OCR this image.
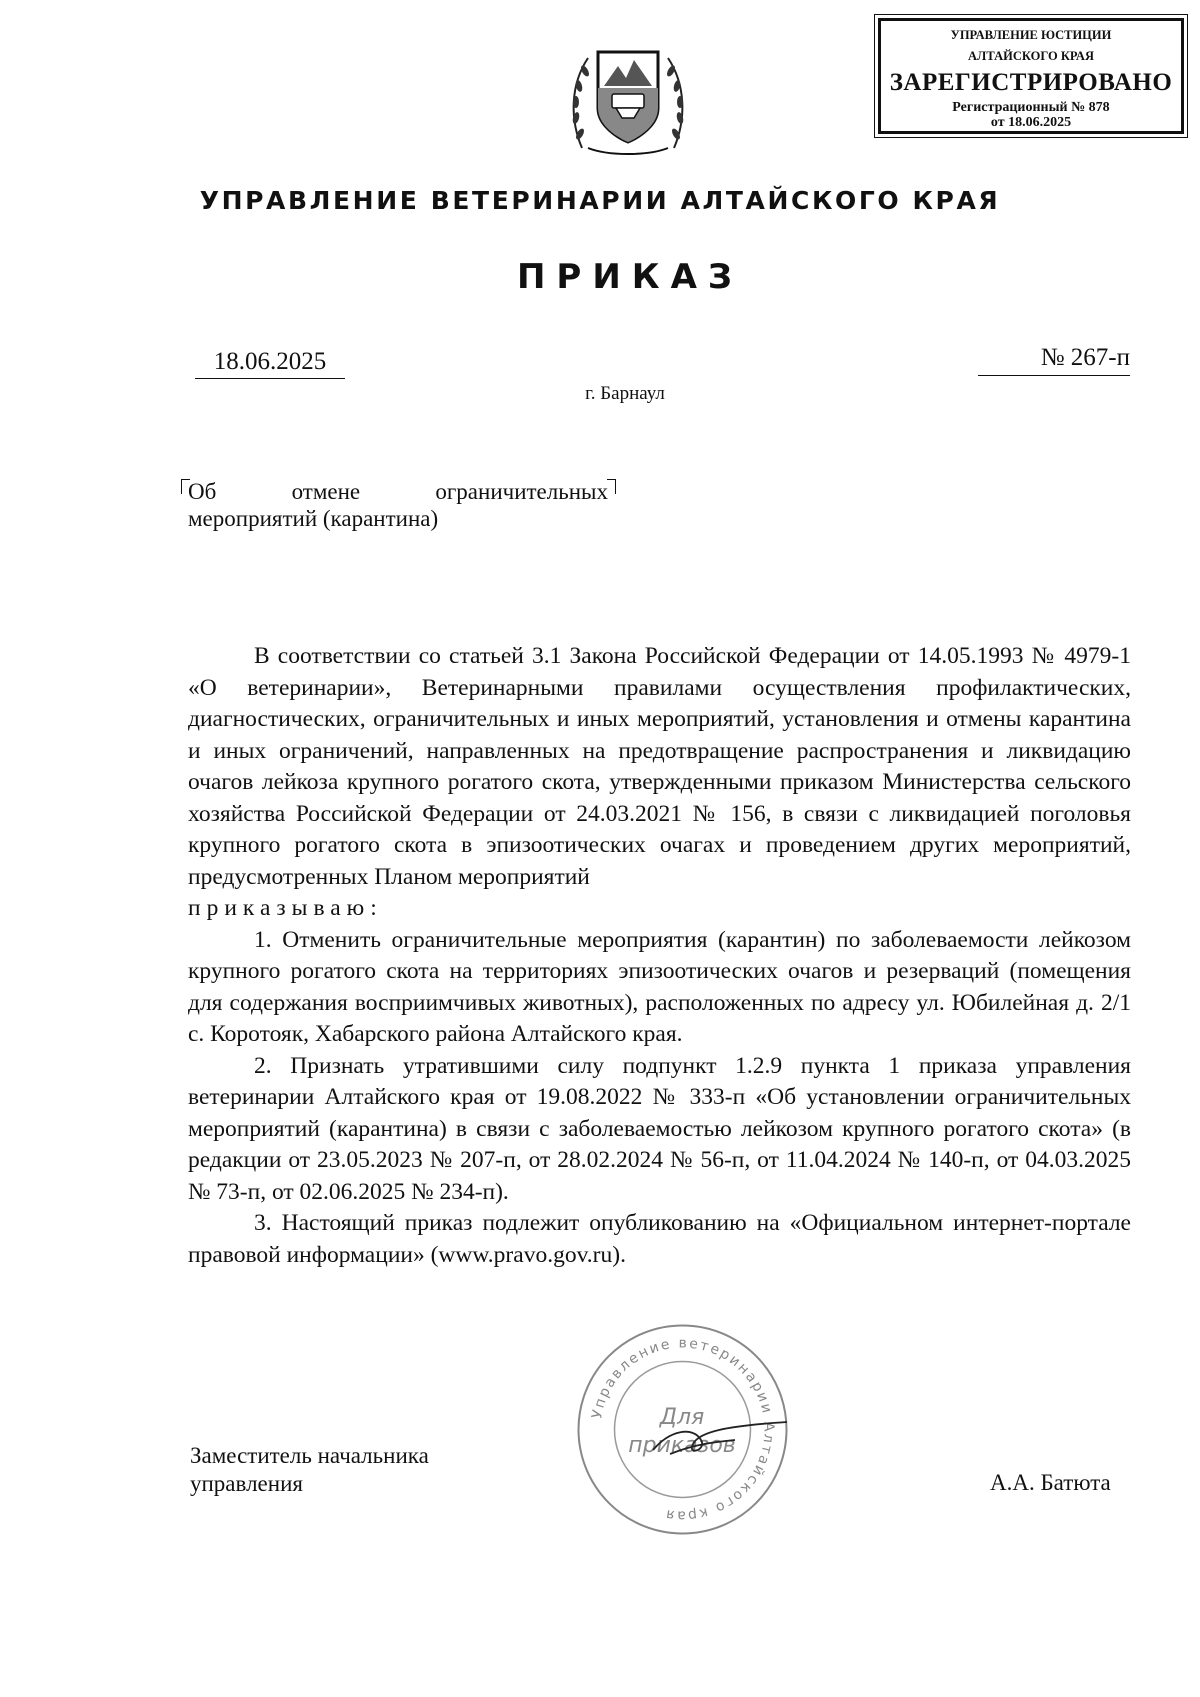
УПРАВЛЕНИЕ ЮСТИЦИИ
АЛТАЙСКОГО КРАЯ
ЗАРЕГИСТРИРОВАНО
Регистрационный № 878
от 18.06.2025
УПРАВЛЕНИЕ ВЕТЕРИНАРИИ АЛТАЙСКОГО КРАЯ
ПРИКАЗ
18.06.2025	№ 267-п
г. Барнаул
Об	отмене	ограничительных
мероприятий (карантина)

В соответствии со статьей 3.1 Закона Российской Федерации от 14.05.1993 № 4979-1 «О ветеринарии», Ветеринарными правилами осуществления профилактических, диагностических, ограничительных и иных мероприятий, установления и отмены карантина и иных ограничений, направленных на предотвращение распространения и ликвидацию очагов лейкоза крупного рогатого скота, утвержденными приказом Министерства сельского хозяйства Российской Федерации от 24.03.2021 № 156, в связи с ликвидацией поголовья крупного рогатого скота в эпизоотических очагах и проведением других мероприятий, предусмотренных Планом мероприятий

приказываю:

1. Отменить ограничительные мероприятия (карантин) по заболеваемости лейкозом крупного рогатого скота на территориях эпизоотических очагов и резерваций (помещения для содержания восприимчивых животных), расположенных по адресу ул. Юбилейная д. 2/1 с. Коротояк, Хабарского района Алтайского края.

2. Признать утратившими силу подпункт 1.2.9 пункта 1 приказа управления ветеринарии Алтайского края от 19.08.2022 № 333-п «Об установлении ограничительных мероприятий (карантина) в связи с заболеваемостью лейкозом крупного рогатого скота» (в редакции от 23.05.2023 № 207-п, от 28.02.2024 № 56-п, от 11.04.2024 № 140-п, от 04.03.2025 № 73-п, от 02.06.2025 № 234-п).

3. Настоящий приказ подлежит опубликованию на «Официальном интернет-портале правовой информации» (www.pravo.gov.ru).

Управление ветеринарии Алтайского края
Для
приказов
Заместитель начальника
управления	А.А. Батюта
